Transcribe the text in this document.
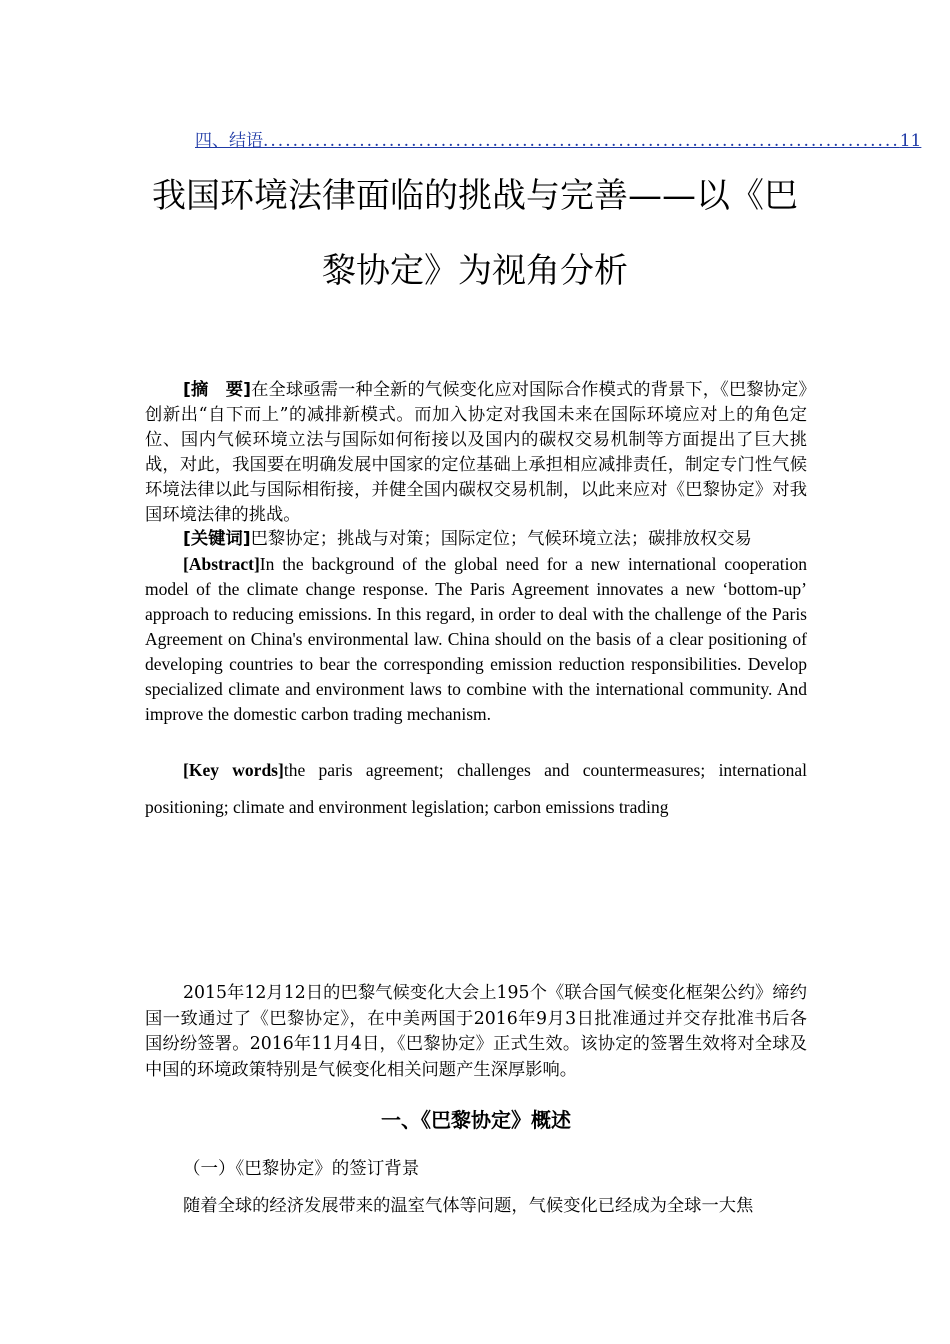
四、结语 ...................................................................................... 11
我国环境法律面临的挑战与完善——以《巴
黎协定》为视角分析

[摘　要]在全球亟需一种全新的气候变化应对国际合作模式的背景下，《巴黎协定》创新出“自下而上”的减排新模式。而加入协定对我国未来在国际环境应对上的角色定位、国内气候环境立法与国际如何衔接以及国内的碳权交易机制等方面提出了巨大挑战，对此，我国要在明确发展中国家的定位基础上承担相应减排责任，制定专门性气候环境法律以此与国际相衔接，并健全国内碳权交易机制，以此来应对《巴黎协定》对我国环境法律的挑战。

[关键词]巴黎协定；挑战与对策；国际定位；气候环境立法；碳排放权交易

[Abstract]In the background of the global need for a new international cooperation model of the climate change response. The Paris Agreement innovates a new ‘bottom-up’ approach to reducing emissions. In this regard, in order to deal with the challenge of the Paris Agreement on China's environmental law. China should on the basis of a clear positioning of developing countries to bear the corresponding emission reduction responsibilities. Develop specialized climate and environment laws to combine with the international community. And improve the domestic carbon trading mechanism.

[Key words]the paris agreement; challenges and countermeasures; international positioning; climate and environment legislation; carbon emissions trading

2015年12月12日的巴黎气候变化大会上195个《联合国气候变化框架公约》缔约国一致通过了《巴黎协定》，在中美两国于2016年9月3日批准通过并交存批准书后各国纷纷签署。2016年11月4日，《巴黎协定》正式生效。该协定的签署生效将对全球及中国的环境政策特别是气候变化相关问题产生深厚影响。

一、《巴黎协定》概述
（一）《巴黎协定》的签订背景

随着全球的经济发展带来的温室气体等问题，气候变化已经成为全球一大焦
